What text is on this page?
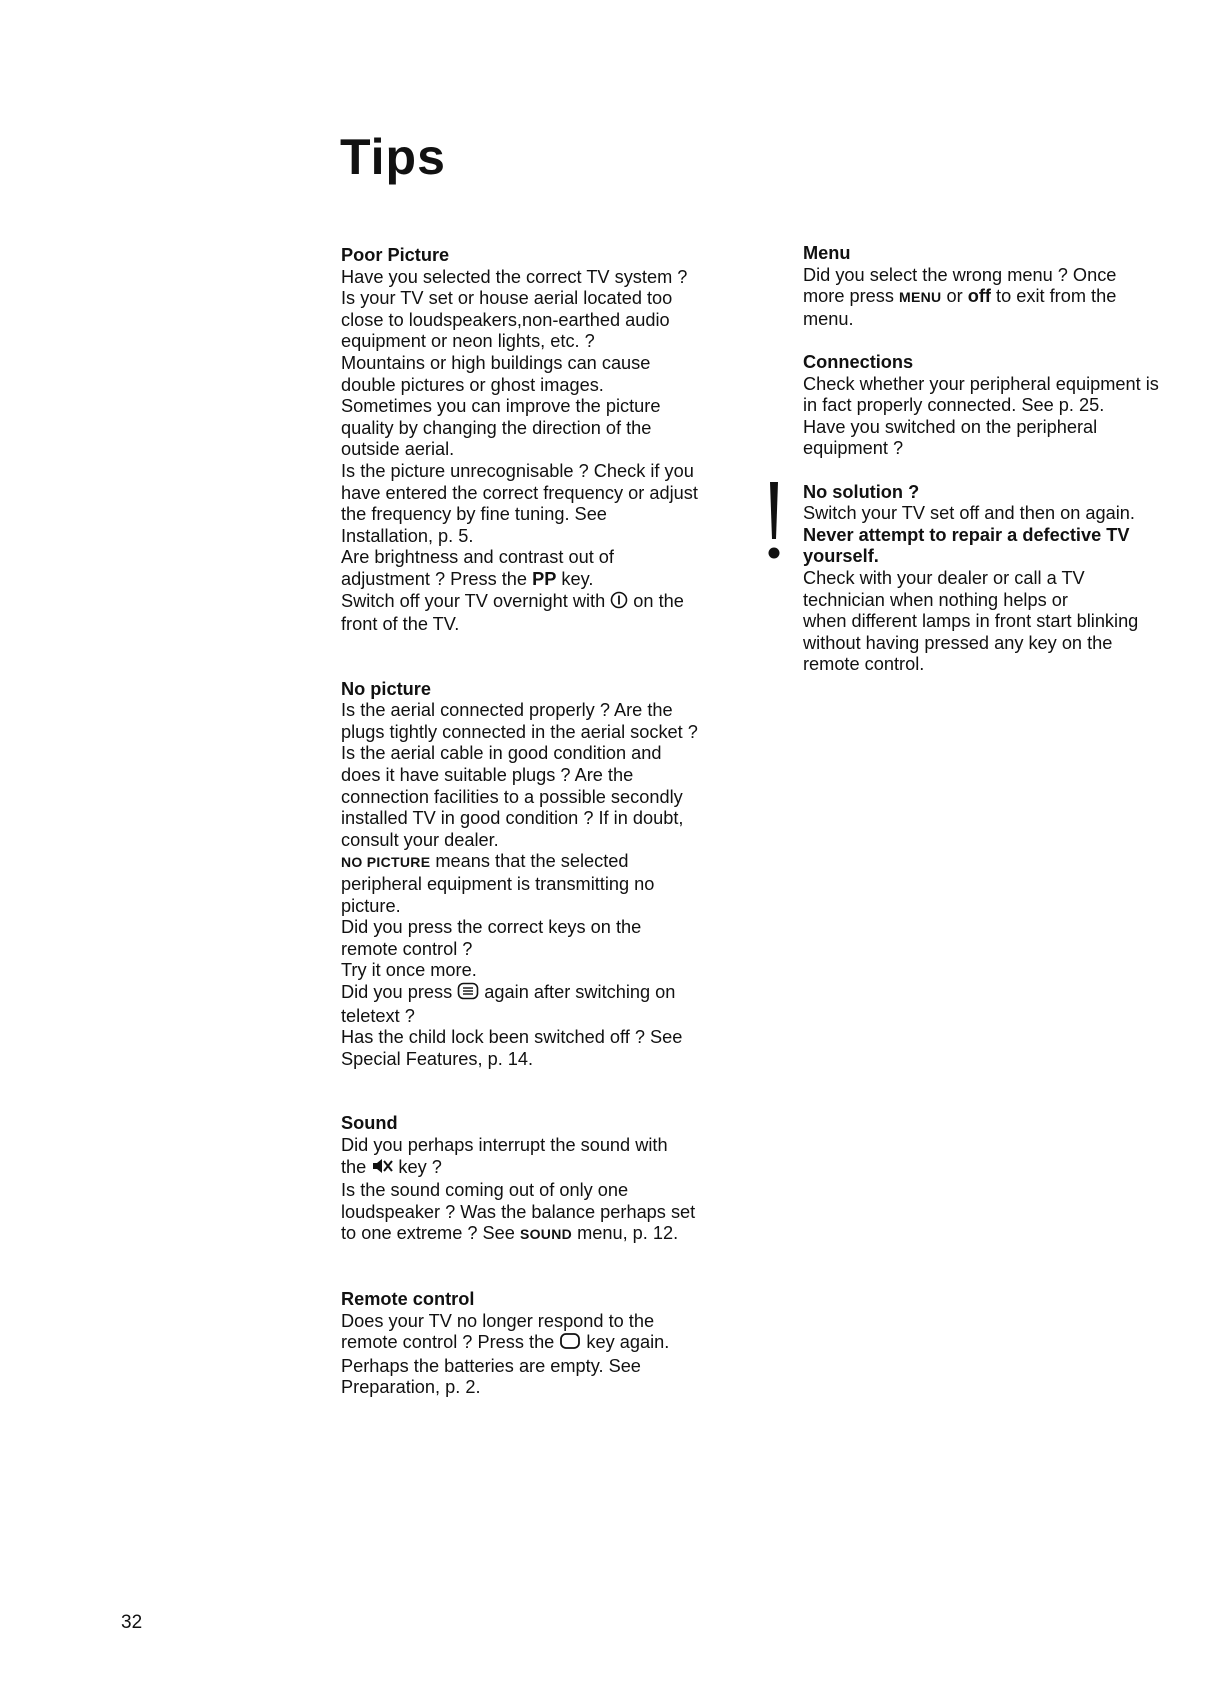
Tips
Poor Picture
Have you selected the correct TV system ?
Is your TV set or house aerial located too
close to loudspeakers,non-earthed audio
equipment or neon lights, etc. ?
Mountains or high buildings can cause
double pictures or ghost images.
Sometimes you can improve the picture
quality by changing the direction of the
outside aerial.
Is the picture unrecognisable ? Check if you
have entered the correct frequency or adjust
the frequency by fine tuning. See
Installation, p. 5.
Are brightness and contrast out of
adjustment ? Press the PP key.
Switch off your TV overnight with  on the
front of the TV.
No picture
Is the aerial connected properly ? Are the
plugs tightly connected in the aerial socket ?
Is the aerial cable in good condition and
does it have suitable plugs ? Are the
connection facilities to a possible secondly
installed TV in good condition ? If in doubt,
consult your dealer.
NO PICTURE means that the selected
peripheral equipment is transmitting no
picture.
Did you press the correct keys on the
remote control ?
Try it once more.
Did you press  again after switching on
teletext ?
Has the child lock been switched off ? See
Special Features, p. 14.
Sound
Did you perhaps interrupt the sound with
the  key ?
Is the sound coming out of only one
loudspeaker ? Was the balance perhaps set
to one extreme ? See SOUND menu, p. 12.
Remote control
Does your TV no longer respond to the
remote control ? Press the  key again.
Perhaps the batteries are empty. See
Preparation, p. 2.
Menu
Did you select the wrong menu ? Once
more press MENU or off to exit from the
menu.
Connections
Check whether your peripheral equipment is
in fact properly connected. See p. 25.
Have you switched on the peripheral
equipment ?
No solution ?
Switch your TV set off and then on again.
Never attempt to repair a defective TV
yourself.
Check with your dealer or call a TV
technician when nothing helps or
when different lamps in front start blinking
without having pressed any key on the
remote control.
32
